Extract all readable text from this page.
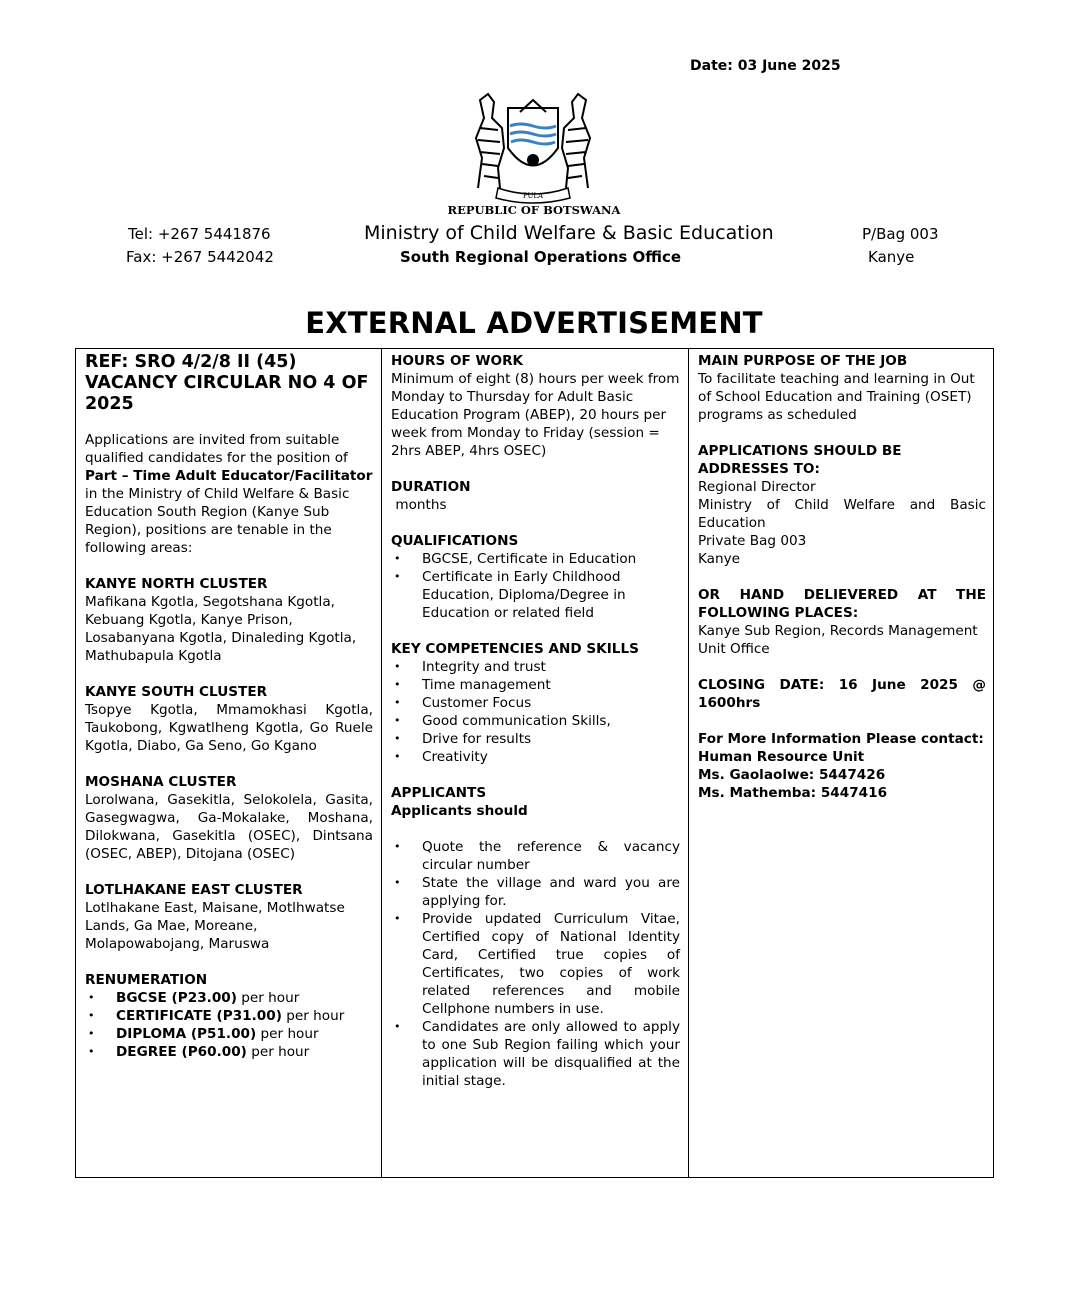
Date: 03 June 2025
PULA
REPUBLIC OF BOTSWANA
Tel: +267 5441876
Fax: +267 5442042
Ministry of Child Welfare & Basic Education
South Regional Operations Office
P/Bag 003
Kanye
EXTERNAL ADVERTISEMENT

REF: SRO 4/2/8 II (45)

VACANCY CIRCULAR NO 4 OF 2025

Applications are invited from suitable qualified candidates for the position of Part – Time Adult Educator/Facilitator in the Ministry of Child Welfare & Basic Education South Region (Kanye Sub Region), positions are tenable in the following areas:

KANYE NORTH CLUSTER

Mafikana Kgotla, Segotshana Kgotla, Kebuang Kgotla, Kanye Prison, Losabanyana Kgotla, Dinaleding Kgotla, Mathubapula Kgotla

KANYE SOUTH CLUSTER

Tsopye Kgotla, Mmamokhasi Kgotla, Taukobong, Kgwatlheng Kgotla, Go Ruele Kgotla, Diabo, Ga Seno, Go Kgano

MOSHANA CLUSTER

Lorolwana, Gasekitla, Selokolela, Gasita, Gasegwagwa, Ga-Mokalake, Moshana, Dilokwana, Gasekitla (OSEC), Dintsana (OSEC, ABEP), Ditojana (OSEC)

LOTLHAKANE EAST CLUSTER

Lotlhakane East, Maisane, Motlhwatse Lands, Ga Mae, Moreane, Molapowabojang, Maruswa

RENUMERATION

• BGCSE (P23.00) per hour
• CERTIFICATE (P31.00) per hour
• DIPLOMA (P51.00) per hour
• DEGREE (P60.00) per hour

HOURS OF WORK

Minimum of eight (8) hours per week from Monday to Thursday for Adult Basic Education Program (ABEP), 20 hours per week from Monday to Friday (session = 2hrs ABEP, 4hrs OSEC)

DURATION

months

QUALIFICATIONS

• BGCSE, Certificate in Education
• Certificate in Early Childhood Education, Diploma/Degree in Education or related field

KEY COMPETENCIES AND SKILLS

• Integrity and trust
• Time management
• Customer Focus
• Good communication Skills,
• Drive for results
• Creativity

APPLICANTS

Applicants should

• Quote the reference & vacancy circular number
• State the village and ward you are applying for.
• Provide updated Curriculum Vitae, Certified copy of National Identity Card, Certified true copies of Certificates, two copies of work related references and mobile Cellphone numbers in use.
• Candidates are only allowed to apply to one Sub Region failing which your application will be disqualified at the initial stage.

MAIN PURPOSE OF THE JOB

To facilitate teaching and learning in Out of School Education and Training (OSET) programs as scheduled

APPLICATIONS SHOULD BE ADDRESSES TO:

Regional Director

Ministry of Child Welfare and Basic Education

Private Bag 003

Kanye

OR HAND DELIEVERED AT THE FOLLOWING PLACES:

Kanye Sub Region, Records Management Unit Office

CLOSING DATE: 16 June 2025 @ 1600hrs

For More Information Please contact:

Human Resource Unit

Ms. Gaolaolwe: 5447426

Ms. Mathemba: 5447416
